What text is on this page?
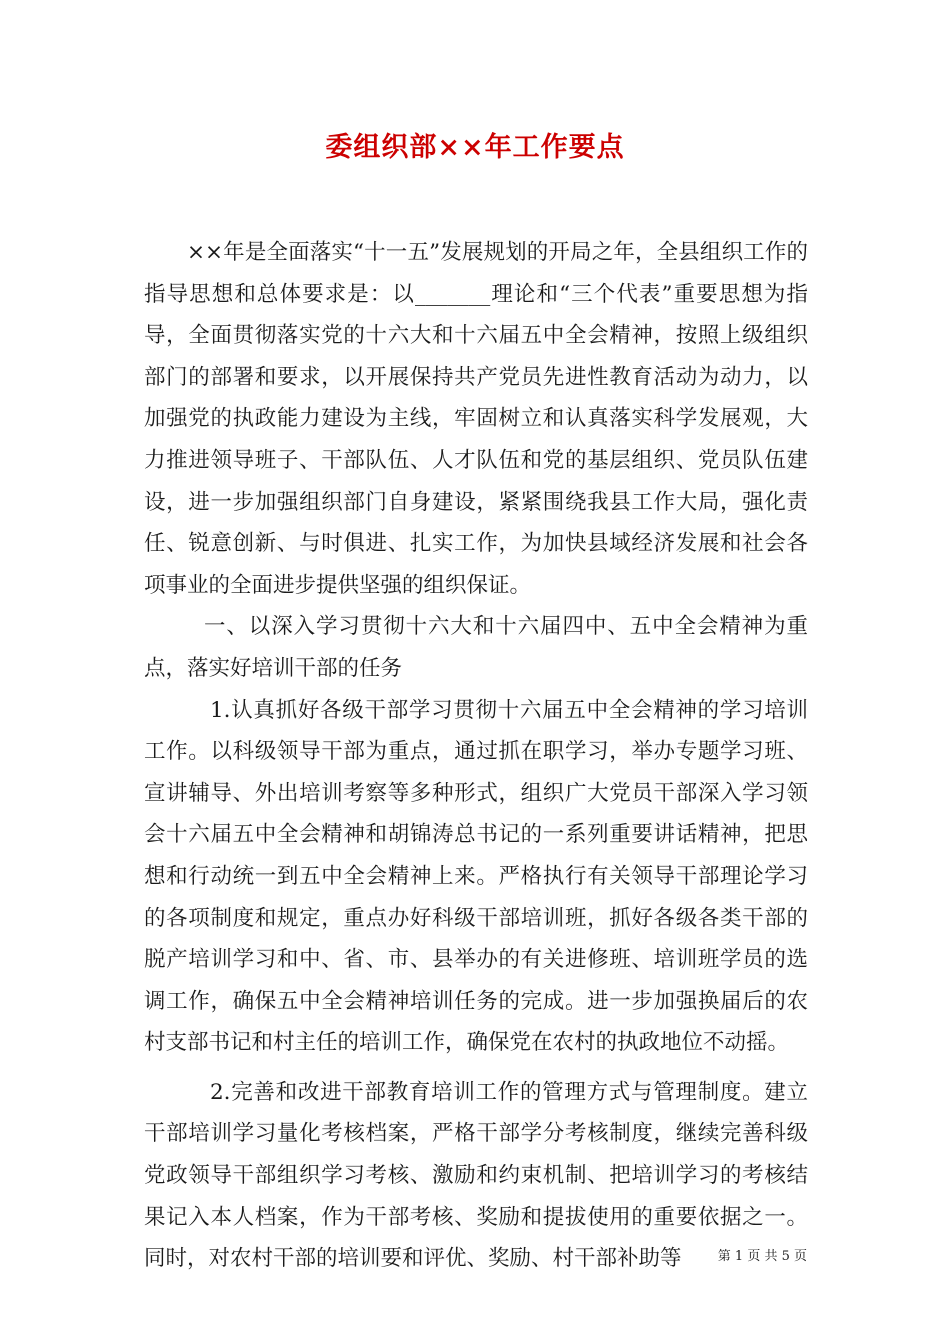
委组织部××年工作要点

××年是全面落实“十一五”发展规划的开局之年，全县组织工作的指导思想和总体要求是：以_______理论和“三个代表”重要思想为指导，全面贯彻落实党的十六大和十六届五中全会精神，按照上级组织部门的部署和要求，以开展保持共产党员先进性教育活动为动力，以加强党的执政能力建设为主线，牢固树立和认真落实科学发展观，大力推进领导班子、干部队伍、人才队伍和党的基层组织、党员队伍建设，进一步加强组织部门自身建设，紧紧围绕我县工作大局，强化责任、锐意创新、与时俱进、扎实工作，为加快县域经济发展和社会各项事业的全面进步提供坚强的组织保证。

一、以深入学习贯彻十六大和十六届四中、五中全会精神为重点，落实好培训干部的任务

1.认真抓好各级干部学习贯彻十六届五中全会精神的学习培训工作。以科级领导干部为重点，通过抓在职学习，举办专题学习班、宣讲辅导、外出培训考察等多种形式，组织广大党员干部深入学习领会十六届五中全会精神和胡锦涛总书记的一系列重要讲话精神，把思想和行动统一到五中全会精神上来。严格执行有关领导干部理论学习的各项制度和规定，重点办好科级干部培训班，抓好各级各类干部的脱产培训学习和中、省、市、县举办的有关进修班、培训班学员的选调工作，确保五中全会精神培训任务的完成。进一步加强换届后的农村支部书记和村主任的培训工作，确保党在农村的执政地位不动摇。

2.完善和改进干部教育培训工作的管理方式与管理制度。建立干部培训学习量化考核档案，严格干部学分考核制度，继续完善科级党政领导干部组织学习考核、激励和约束机制、把培训学习的考核结果记入本人档案，作为干部考核、奖励和提拔使用的重要依据之一。同时，对农村干部的培训要和评优、奖励、村干部补助等	第 1 页 共 5 页
